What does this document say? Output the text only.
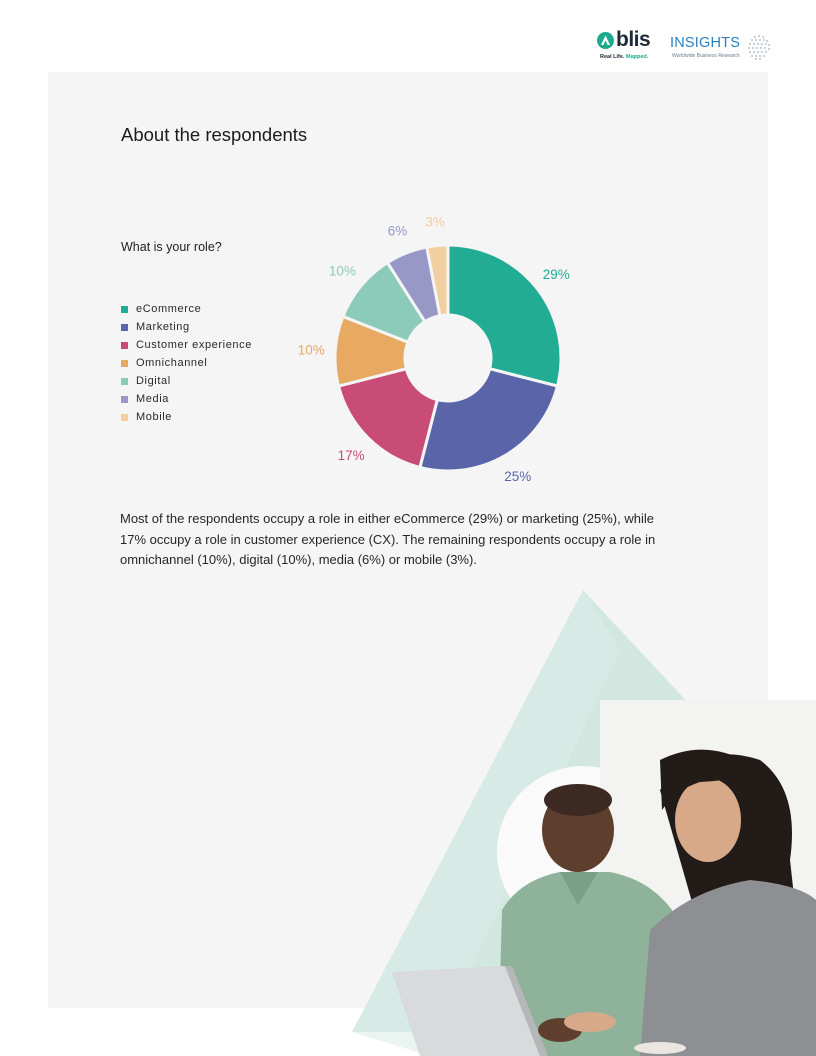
blis
Real Life. Mapped.
INSIGHTS
Worldwide Business Research
About the respondents
What is your role?
eCommerce
Marketing
Customer experience
Omnichannel
Digital
Media
Mobile
29%
25%
17%
10%
10%
6%
3%

Most of the respondents occupy a role in either eCommerce (29%) or marketing (25%), while 17% occupy a role in customer experience (CX). The remaining respondents occupy a role in omnichannel (10%), digital (10%), media (6%) or mobile (3%).
